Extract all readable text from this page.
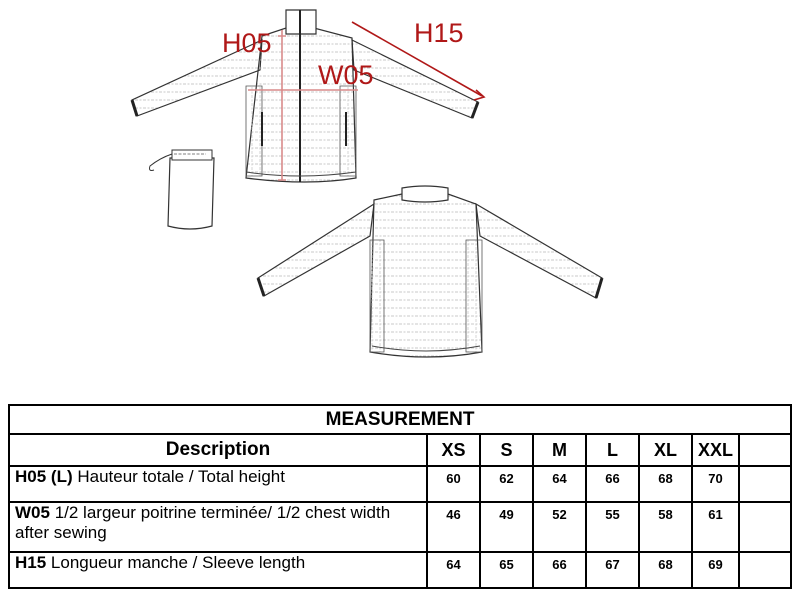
H05
W05
H15
MEASUREMENT							
Description	XS	S	M	L	XL	XXL	
H05 (L) Hauteur totale / Total height	60	62	64	66	68	70	
W05 1/2 largeur poitrine terminée/ 1/2 chest width after sewing	46	49	52	55	58	61	
H15 Longueur manche / Sleeve length	64	65	66	67	68	69	
